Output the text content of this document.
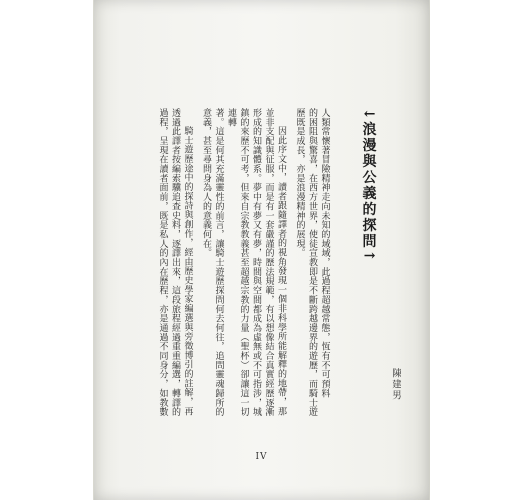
陳建男
↓浪漫與公義的探問↑
人類常懷著冒險精神走向未知的域域，此過程超越常態，恆有不可預料
的困阻與驚喜，在西方世界，使徒宣教即是不斷跨越邊界的遊歷，而騎士遊
歷既是成長，亦是浪漫精神的展現。
因此序文中，讀者跟隨譯者的視角發現一個非科學所能解釋的地帶，那
並非支配與征服，而是有一套嚴謹的歷法規範，有以想像結合真實經歷逐漸
形成的知識體系。夢中有夢又有夢，時間與空間都成為虛無或不可指涉，城
鎮的來歷不可考，但來自宗教教義甚至超越宗教的力量（聖杯）卻讓這一切連轉
著。這是何其充滿靈性的前言，讓騎士遊歷探問何去何往，追問靈魂歸所的
意義，甚至尋問身為人的意義何在。
騎士遊歷途中的探詩與創作，經由歷史學家編選與旁徵博引的註解，再
透過此譯者按編索驥追查史料，逐譯出來，這段旅程經過重重編選，轉譯的
過程，呈現在讀者面前，既是私人的內在歷程，亦是通過不同身分，如教數
IV
